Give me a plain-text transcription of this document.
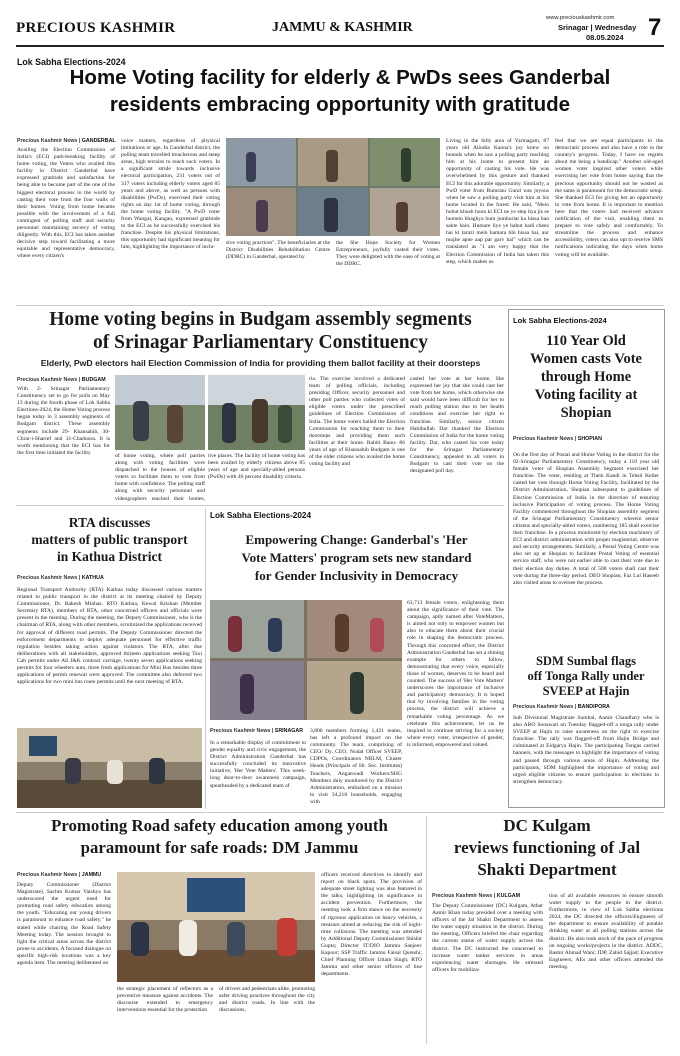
PRECIOUS KASHMIR	JAMMU & KASHMIR
www.preciouskashmir.com
Srinagar | Wednesday
08.05.2024 7
Lok Sabha Elections-2024
Home Voting facility for elderly & PwDs sees Ganderbal
residents embracing opportunity with gratitude
Precious Kashmir News | GANDERBAL
Availing the Election Commission of India's (ECI) path-breaking facility of home voting, the Voters who availed this facility in District Ganderbal have expressed gratitude and satisfaction for being able to become part of the one of the biggest electoral process in the world by casting their vote from the four walls of their homes. Voting from home became possible with the involvement of a full contingent of polling staff and security personnel maintaining secrecy of voting diligently. With this, ECI has taken another decisive step toward facilitating a more equitable and representative democracy, where every citizen's
voice matters, regardless of physical limitations or age. In Ganderbal district, the polling team travelled treacherous and steep areas, high terrains to reach such voters. In a significant stride towards inclusive electoral participation, 231 voters out of 317 voters including elderly voters aged 85 years and above, as well as persons with disabilities (PwDs), exercised their voting rights on day 1st of home voting, through the home voting facility. "A PwD voter from Wangat, Kangan, expressed gratitude to the ECI as he successfully exercised his franchise. Despite his physical limitations, this opportunity had significant meaning for him, highlighting the importance of inclu-
sive voting practices". The beneficiaries at the District Disabilities Rehabilitation Centre (DDRC) in Ganderbal, operated by
the She Hope Society for Women Entrepreneurs, joyfully casted their votes. They were delighted with the ease of voting at the DDRC.
Living in the hilly area of Yarmagam, 87 years old Alindia Kanna's joy knew no bounds when he saw a polling party reaching him at his home to present him an opportunity of casting his vote. He was overwhelmed by this gesture and thanked ECI for this adorable opportunity. Similarly, a PwD voter from Rumrani Gund was joyous when he saw a polling party visit him at his home located in the forest. He said, "Mein buhut khush hoon ki ECI ne ye step liya jis se humein bhaghya hum jumhuriat ka hissa ban sakte hain. Humare liye ye bahut badi cheez hai ki tarazi mein hamara bhi hissa hai, aur mujhe apne aap par garv hai" which can be translated as "I am very happy that the Election Commission of India has taken this step, which makes us
feel that we are equal participants in the democratic process and also have a role in the country's progress. Today, I have no regrets about me being a handicap." Another old-aged women voter inspired other voters while exercising her vote from home saying that the precious opportunity should not be wasted as the same is paramount for the democratic setup. She thanked ECI for giving her an opportunity to vote from home. It is important to mention here that the voters had received advance notification of the visit, enabling them to prepare to vote safely and comfortably. To streamline the process and enhance accessibility, voters can also opt to receive SMS notifications indicating the days when home voting will be available.
Home voting begins in Budgam assembly segments
of Srinagar Parliamentary Constituency
Elderly, PwD electors hail Election Commission of India for providing them ballot facility at their doorsteps
Precious Kashmir News | BUDGAM
With 2- Srinagar Parliamentary Constituency set to go for polls on May 13 during the fourth phase of Lok Sabha Elections-2024, the Home Voting process began today in 3 assembly segments of Budgam district. These assembly segments include 29- Khansahib, 30- Chrar-i-Sharief and 31-Chadoora. It is worth mentioning that the ECI has for the first time initiated the facility
of home voting, where poll parties along with voting facilities were dispatched to the houses of eligible voters to facilitate them to vote from home with confidence. The polling staff along with security personnel and videographers reached their homes,
tive places. The facility of home voting has been availed by elderly citizens above 85 years of age and specially-abled persons (PwDs) with 40 percent disability criteria.
ria. The exercise involved a dedicated team of polling officials, including presiding Officer, security personnel and other poll parties who collected votes of eligible voters under the prescribed guidelines of Election Commission of India. The home voters hailed the Election Commission for reaching them to their doorsteps and providing them such facilities at their home. Rahiti Banu- 86 years of age of Khansahib Budgam is one of the older citizens who availed the home voting facility and
casted her vote at her home. She expressed her joy that she could cast her vote from her home, which otherwise she said would have been difficult for her to reach polling station due to her health conditions and exercise her right to franchise. Similarly, senior citizen Habibullah Dar thanked the Election Commission of India for the home voting facility. Dar, who casted his vote today for the Srinagar Parliamentary Constituency, appealed to all voters in Budgam to cast their vote on the designated poll day.
Lok Sabha Elections-2024
110 Year Old
Women casts Vote
through Home
Voting facility at
Shopian
Precious Kashmir News | SHOPIAN
On the first day of Postal and Home Voting in the district for the 02-Srinagar Parliamentary Constituency, today a 110 year old female voter of Shopian Assembly Segment exercised her franchise. The voter, residing at Thein Kandi in Tehsil Keller casted her vote through Home Voting Facility, facilitated by the District Administration, Shopian subsequent to guidelines of Election Commission of India in the direction of ensuring inclusive Participation of voting process. The Home Voting Facility commenced throughout the Shopian assembly segment of the Srinagar Parliamentary Constituency wherein senior citizens and specially-abled voters, numbering 185 shall exercise their franchise. In a process monitored by election machinery of ECI and district administration with proper magisterial, observer and security arrangements. Similarly, a Postal Voting Centre was also set up at Shopian to facilitate Postal Voting of essential service staff, who were not earlier able to cast their vote due to their election day duties. A total of 508 voters shall cast their vote during the three-day period. DEO Shopian, Faz Lul Haseeb also visited areas to oversee the process.
SDM Sumbal flags
off Tonga Rally under
SVEEP at Hajin
Precious Kashmir News | BANDIPORA
Sub Divisional Magistrate Sumbal, Aamir Chaudhary who is also ARO Sonawari on Tuesday flagged-off a tonga rally under SVEEP at Hajin to raise awareness on the right to exercise franchise. The rally was flagged-off from Hajin Bridge and culminated at Eidgarya Hajin. The participating Tongas carried banners, with the messages to highlight the importance of voting and passed through various areas of Hajin. Addressing the participants, SDM highlighted the importance of voting and urged eligible citizens to ensure participation in elections to strengthen democracy.
RTA discusses
matters of public transport
in Kathua District
Precious Kashmir News | KATHUA
Regional Transport Authority (RTA) Kathua today discussed various matters related to public transport in the district at its meeting chaired by Deputy Commissioner, Dr. Rakesh Minhas. RTO Kathua, Kewal Krishan (Member Secretary RTA), members of RTA, other concerned officers and officials were present in the meeting. During the meeting, the Deputy Commissioner, who is the chairman of RTA, along with other members, scrutinized the applications received for approval of different road permits. The Deputy Commissioner directed the enforcement departments to deploy adequate personnel for effective traffic regulation besides taking action against violators. The RTA, after due deliberations with all stakeholders, approved thirteen applications seeking Taxi Cab permits under All J&K contract carriage, twenty seven applications seeking permits for four wheelers auto, three fresh applications for Mini Bus besides three applications of permit renewal were approved. The committee also deferred two applications for two mini bus route permits until the next meeting of RTA.
Lok Sabha Elections-2024
Empowering Change: Ganderbal's 'Her
Vote Matters' program sets new standard
for Gender Inclusivity in Democracy
Precious Kashmir News | SRINAGAR
In a remarkable display of commitment to gender equality and civic engagement, the District Administration Ganderbal has successfully concluded its innovative initiative, 'Her Vote Matters'. This week-long door-to-door awareness campaign, spearheaded by a dedicated team of
3,800 members forming 1,421 teams, has left a profound impact on the community. The team, comprising of CEO/ Dy. CEO, Nodal Officer SVEEP, CDPOs, Coordinators NRLM, Cluster Heads (Principals of Hr. Sec. Institutes) Teachers, Anganwadi Workers/SHG Members duly monitored by the District Administration, embarked on a mission to visit 34,218 households, engaging with
63,713 female voters, enlightening them about the significance of their vote. The campaign, aptly named after VoteMatters, is aimed not only to empower women but also to educate them about their crucial role in shaping the democratic process. Through this concerted effort, the District Administration Ganderbal has set a shining example for others to follow, demonstrating that every voice, especially those of women, deserves to be heard and counted. The success of 'Her Vote Matters' underscores the importance of inclusive and participatory democracy. It is hoped that by involving families in the voting process, the district will achieve a remarkable voting percentage. As we celebrate this achievement, let us be inspired to continue striving for a society where every voter, irrespective of gender, is informed, empowered and valued.
Promoting Road safety education among youth
paramount for safe roads: DM Jammu
Precious Kashmir News | JAMMU
Deputy Commissioner (District Magistrate), Sachin Kumar Vaishya has underscored the urgent need for promoting road safety education among the youth. "Educating our young drivers is paramount to enhance road safety," he stated while chairing the Road Safety Meeting today. The session brought to light the critical areas across the district prone to accidents. A focused dialogue on specific high-risk locations was a key agenda item. The meeting deliberated on
the strategic placement of reflectors as a preventive measure against accidents. The discourse extended to emergency interventions essential for the protection
of drivers and pedestrians alike, promoting safer driving practices throughout the city and district roads. In line with the discussions,
officers received directives to identify and report on black spots. The provision of adequate street lighting was also featured in the talks, highlighting its significance in accident prevention. Furthermore, the meeting took a firm stance on the necessity of rigorous application on heavy vehicles, a measure aimed at reducing the risk of night-time collisions. The meeting was attended by Additional Deputy Commissioner Shishir Gupta; Director IT/DIO Jammu Sanjeev Kapoor; SSP Traffic Jammu Faisal Qureshi; Chief Planning Officer Uttam Singh; RTO Jammu and other senior officers of line departments.
DC Kulgam
reviews functioning of Jal
Shakti Department
Precious Kashmir News | KULGAM
The Deputy Commissioner (DC) Kulgam, Athar Aamir Khan today presided over a meeting with officers of the Jal Shakti Department to assess the water supply situation in the district. During the meeting, Officers briefed the chair regarding the current status of water supply across the district. The DC instructed the concerned to increase water tanker services in areas experiencing water shortages. He stressed officers for mobiliza-
tion of all available resources to ensure smooth water supply to the people in the district. Furthermore, in view of Lok Sabha elections 2024, the DC directed the officers/Engineers of the department to ensure availability of potable drinking water at all polling stations across the district. He also took stock of the pace of progress on ongoing works/projects in the district. ADDC, Bashir Ahmad Wani; JDP, Zahid Sajjad; Executive Engineers, AEs and other officers attended the meeting.
